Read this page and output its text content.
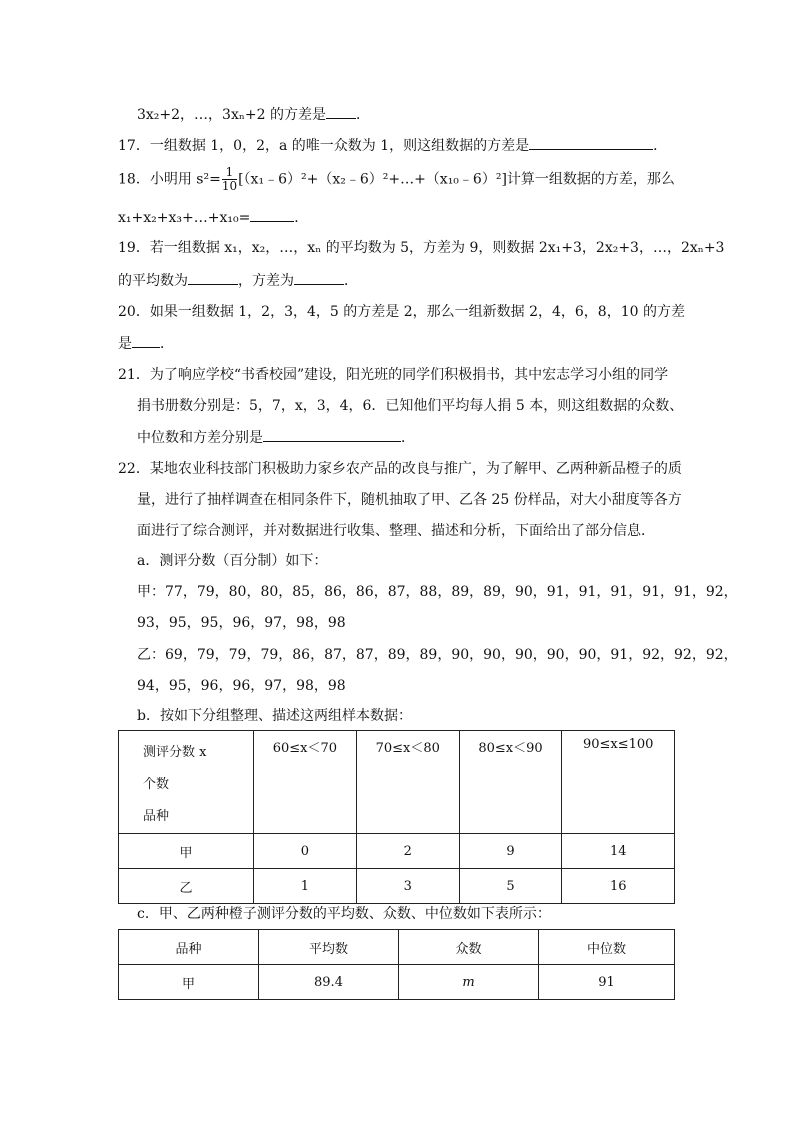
3x₂+2，…，3xₙ+2 的方差是 ．
17．一组数据 1，0，2，a 的唯一众数为 1，则这组数据的方差是	．
18．小明用 $s^2= \frac{1}{10}$ [（x₁﹣6）²+（x₂﹣6）²+…+（x₁₀﹣6）²]计算一组数据的方差，那么
x₁+x₂+x₃+…+x₁₀=	．
19．若一组数据 x₁，x₂，…，xₙ 的平均数为 5，方差为 9，则数据 2x₁+3，2x₂+3，…，2xₙ+3
的平均数为	，方差为	．
20．如果一组数据 1，2，3，4，5 的方差是 2，那么一组新数据 2，4，6，8，10 的方差
是 ．
21．为了响应学校“书香校园”建设，阳光班的同学们积极捐书，其中宏志学习小组的同学
捐书册数分别是：5，7，x，3，4，6．已知他们平均每人捐 5 本，则这组数据的众数、
中位数和方差分别是	．
22．某地农业科技部门积极助力家乡农产品的改良与推广，为了解甲、乙两种新品橙子的质
量，进行了抽样调查在相同条件下，随机抽取了甲、乙各 25 份样品，对大小甜度等各方
面进行了综合测评，并对数据进行收集、整理、描述和分析，下面给出了部分信息．
a．测评分数（百分制）如下：
甲：77，79，80，80，85，86，86，87，88，89，89，90，91，91，91，91，91，92，
93，95，95，96，97，98，98
乙：69，79，79，79，86，87，87，89，89，90，90，90，90，90，91，92，92，92，
94，95，96，96，97，98，98
b．按如下分组整理、描述这两组样本数据：
测评分数 x
个数
品种	60≤x＜70	70≤x＜80	80≤x＜90	90≤x≤100
甲	0	2	9	14
乙	1	3	5	16
c．甲、乙两种橙子测评分数的平均数、众数、中位数如下表所示：
品种	平均数	众数	中位数
甲	89.4	m	91
